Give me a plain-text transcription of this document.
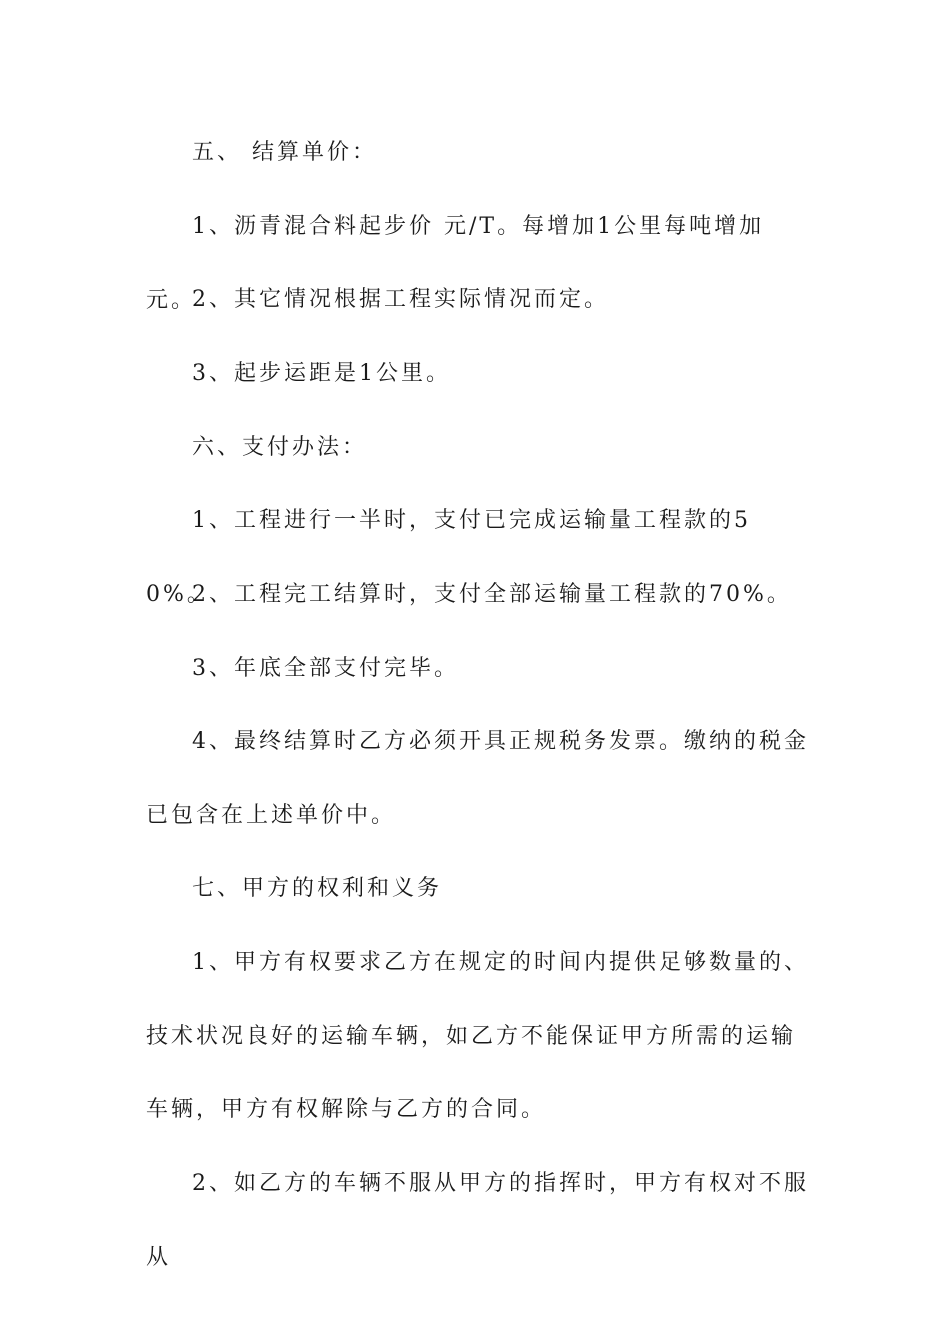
五、 结算单价：

1、沥青混合料起步价 元/T。每增加1公里每吨增加 元。

2、其它情况根据工程实际情况而定。

3、起步运距是1公里。

六、支付办法：

1、工程进行一半时，支付已完成运输量工程款的50%。

2、工程完工结算时，支付全部运输量工程款的70%。

3、年底全部支付完毕。

4、最终结算时乙方必须开具正规税务发票。缴纳的税金已包含在上述单价中。

七、甲方的权利和义务

1、甲方有权要求乙方在规定的时间内提供足够数量的、技术状况良好的运输车辆，如乙方不能保证甲方所需的运输车辆，甲方有权解除与乙方的合同。

2、如乙方的车辆不服从甲方的指挥时，甲方有权对不服从
